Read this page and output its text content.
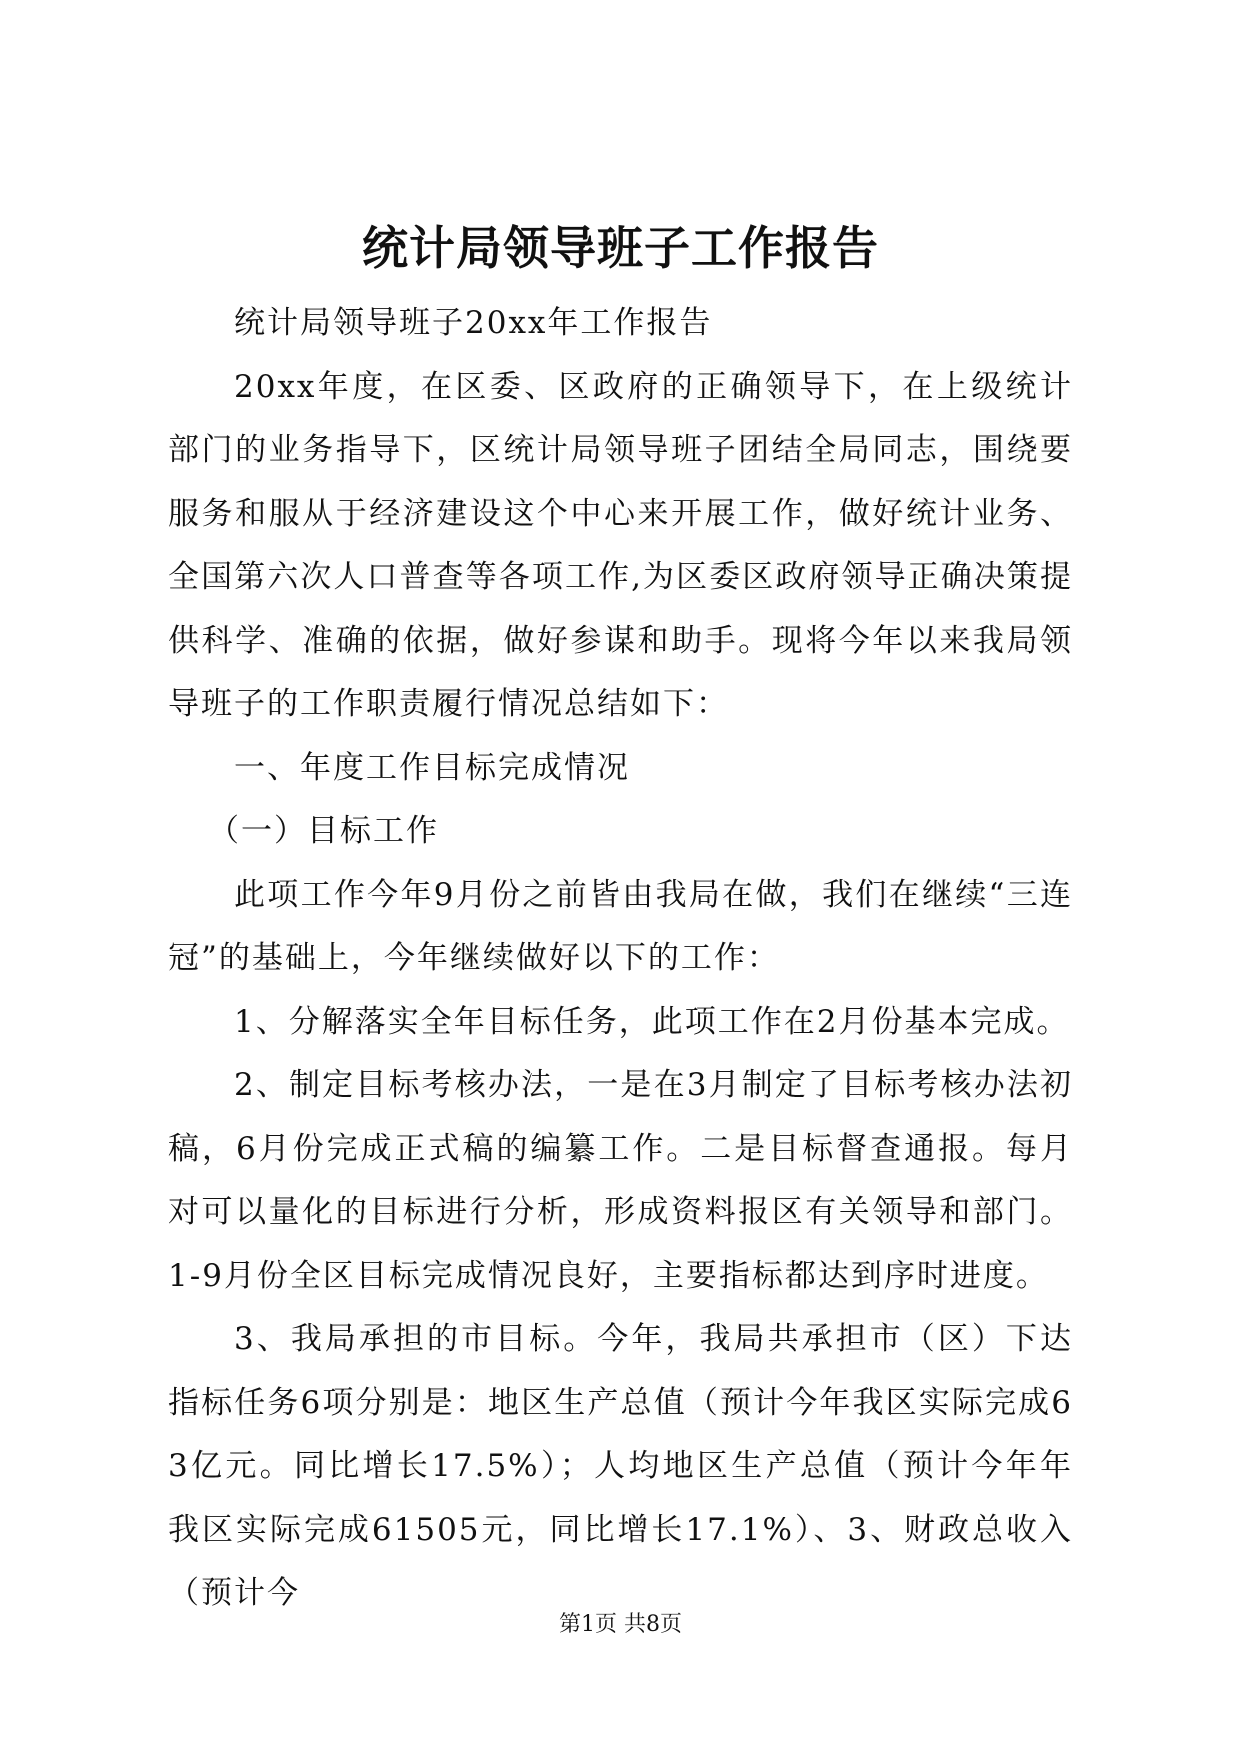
统计局领导班子工作报告

统计局领导班子20xx年工作报告

20xx年度，在区委、区政府的正确领导下，在上级统计部门的业务指导下，区统计局领导班子团结全局同志，围绕要服务和服从于经济建设这个中心来开展工作，做好统计业务、全国第六次人口普查等各项工作,为区委区政府领导正确决策提供科学、准确的依据，做好参谋和助手。现将今年以来我局领导班子的工作职责履行情况总结如下：

一、年度工作目标完成情况

（一）目标工作

此项工作今年9月份之前皆由我局在做，我们在继续“三连冠”的基础上，今年继续做好以下的工作：

1、分解落实全年目标任务，此项工作在2月份基本完成。

2、制定目标考核办法，一是在3月制定了目标考核办法初稿，6月份完成正式稿的编纂工作。二是目标督查通报。每月对可以量化的目标进行分析，形成资料报区有关领导和部门。1-9月份全区目标完成情况良好，主要指标都达到序时进度。

3、我局承担的市目标。今年，我局共承担市（区）下达指标任务6项分别是：地区生产总值（预计今年我区实际完成63亿元。同比增长17.5%）；人均地区生产总值（预计今年年我区实际完成61505元，同比增长17.1%）、3、财政总收入（预计今

第1页 共8页
